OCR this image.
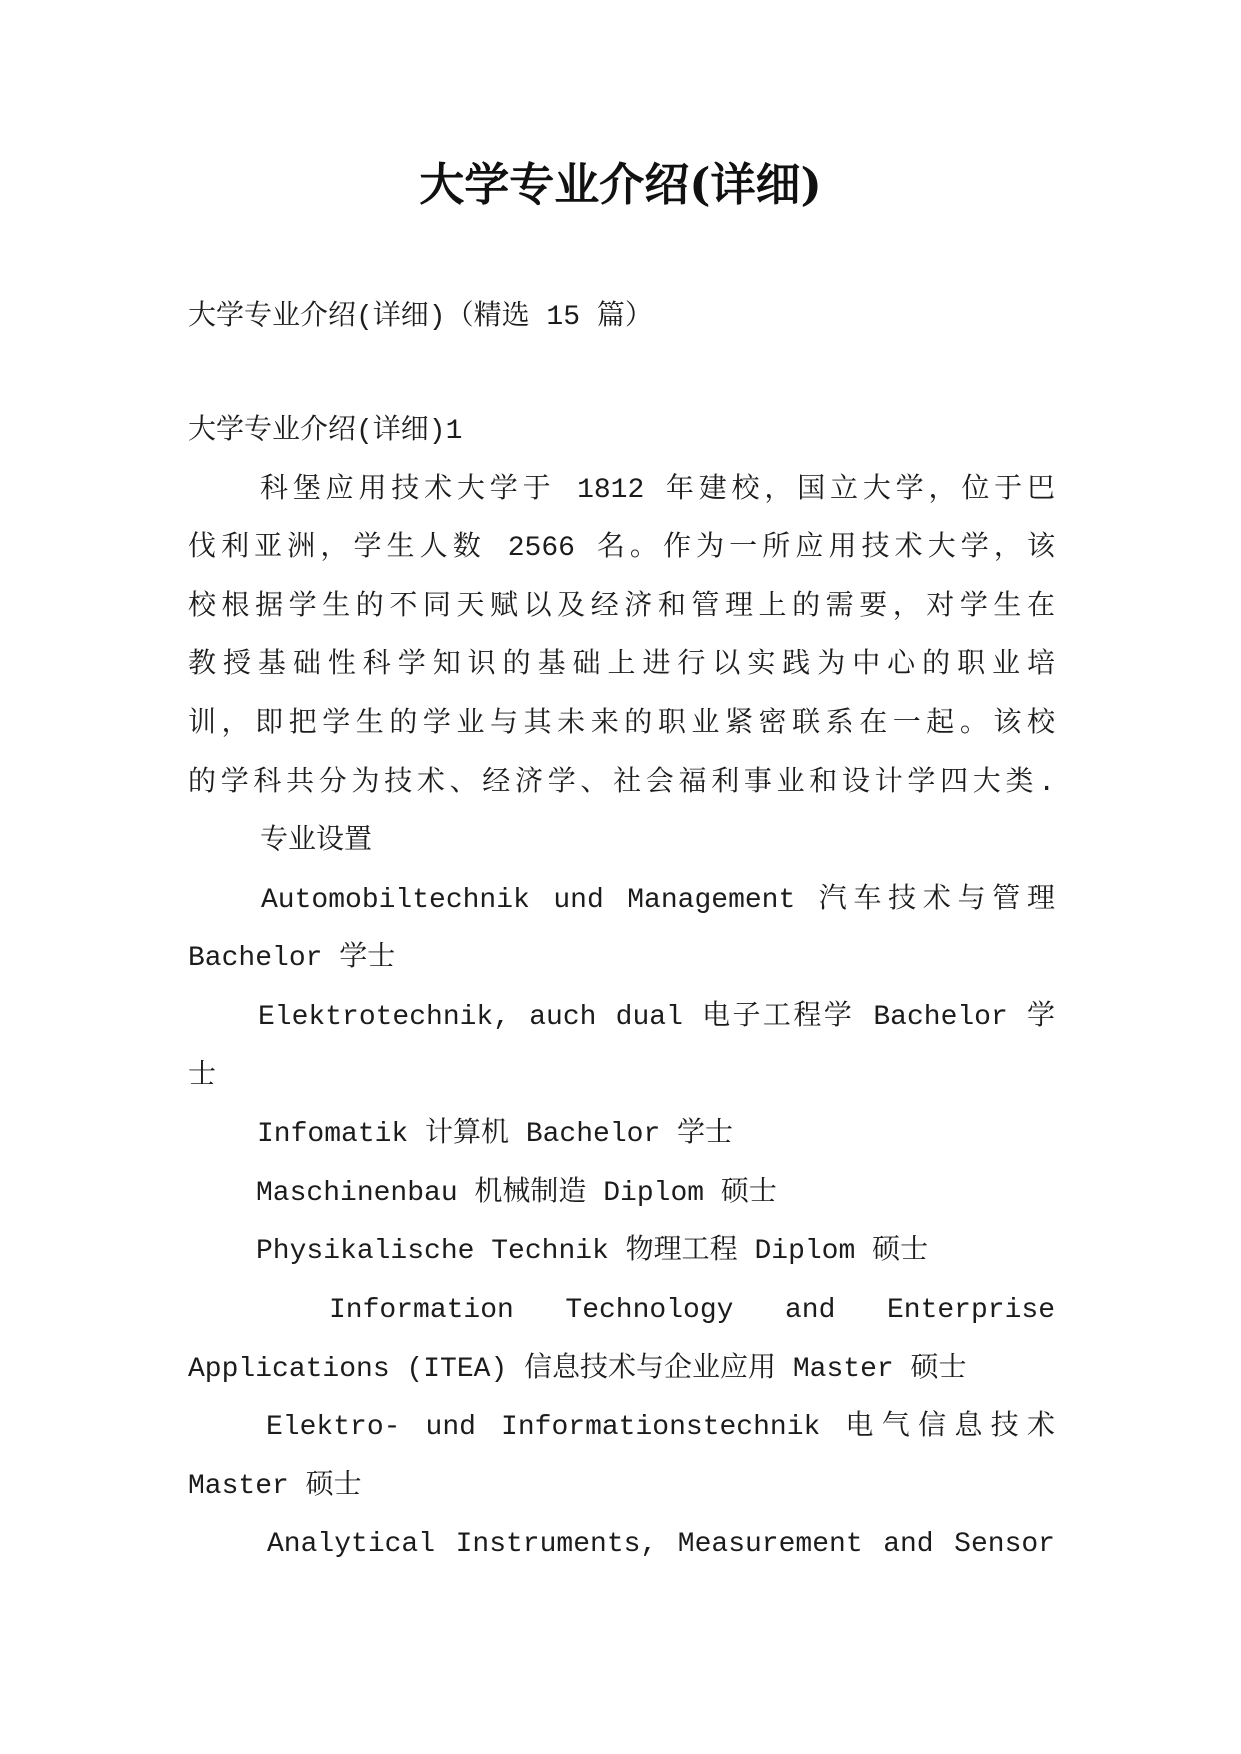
大学专业介绍(详细)
大学专业介绍(详细)（精选 15 篇）
大学专业介绍(详细)1
科堡应用技术大学于 1812 年建校，国立大学，位于巴
伐利亚洲，学生人数 2566 名。作为一所应用技术大学，该
校根据学生的不同天赋以及经济和管理上的需要，对学生在
教授基础性科学知识的基础上进行以实践为中心的职业培
训，即把学生的学业与其未来的职业紧密联系在一起。该校
的学科共分为技术、经济学、社会福利事业和设计学四大类.
专业设置
Automobiltechnik und Management 汽车技术与管理
Bachelor 学士
Elektrotechnik, auch dual 电子工程学 Bachelor 学
士
Infomatik 计算机 Bachelor 学士
Maschinenbau 机械制造 Diplom 硕士
Physikalische Technik 物理工程 Diplom 硕士
Information Technology and Enterprise
Applications (ITEA) 信息技术与企业应用 Master 硕士
Elektro- und Informationstechnik 电气信息技术
Master 硕士
Analytical Instruments, Measurement and Sensor
